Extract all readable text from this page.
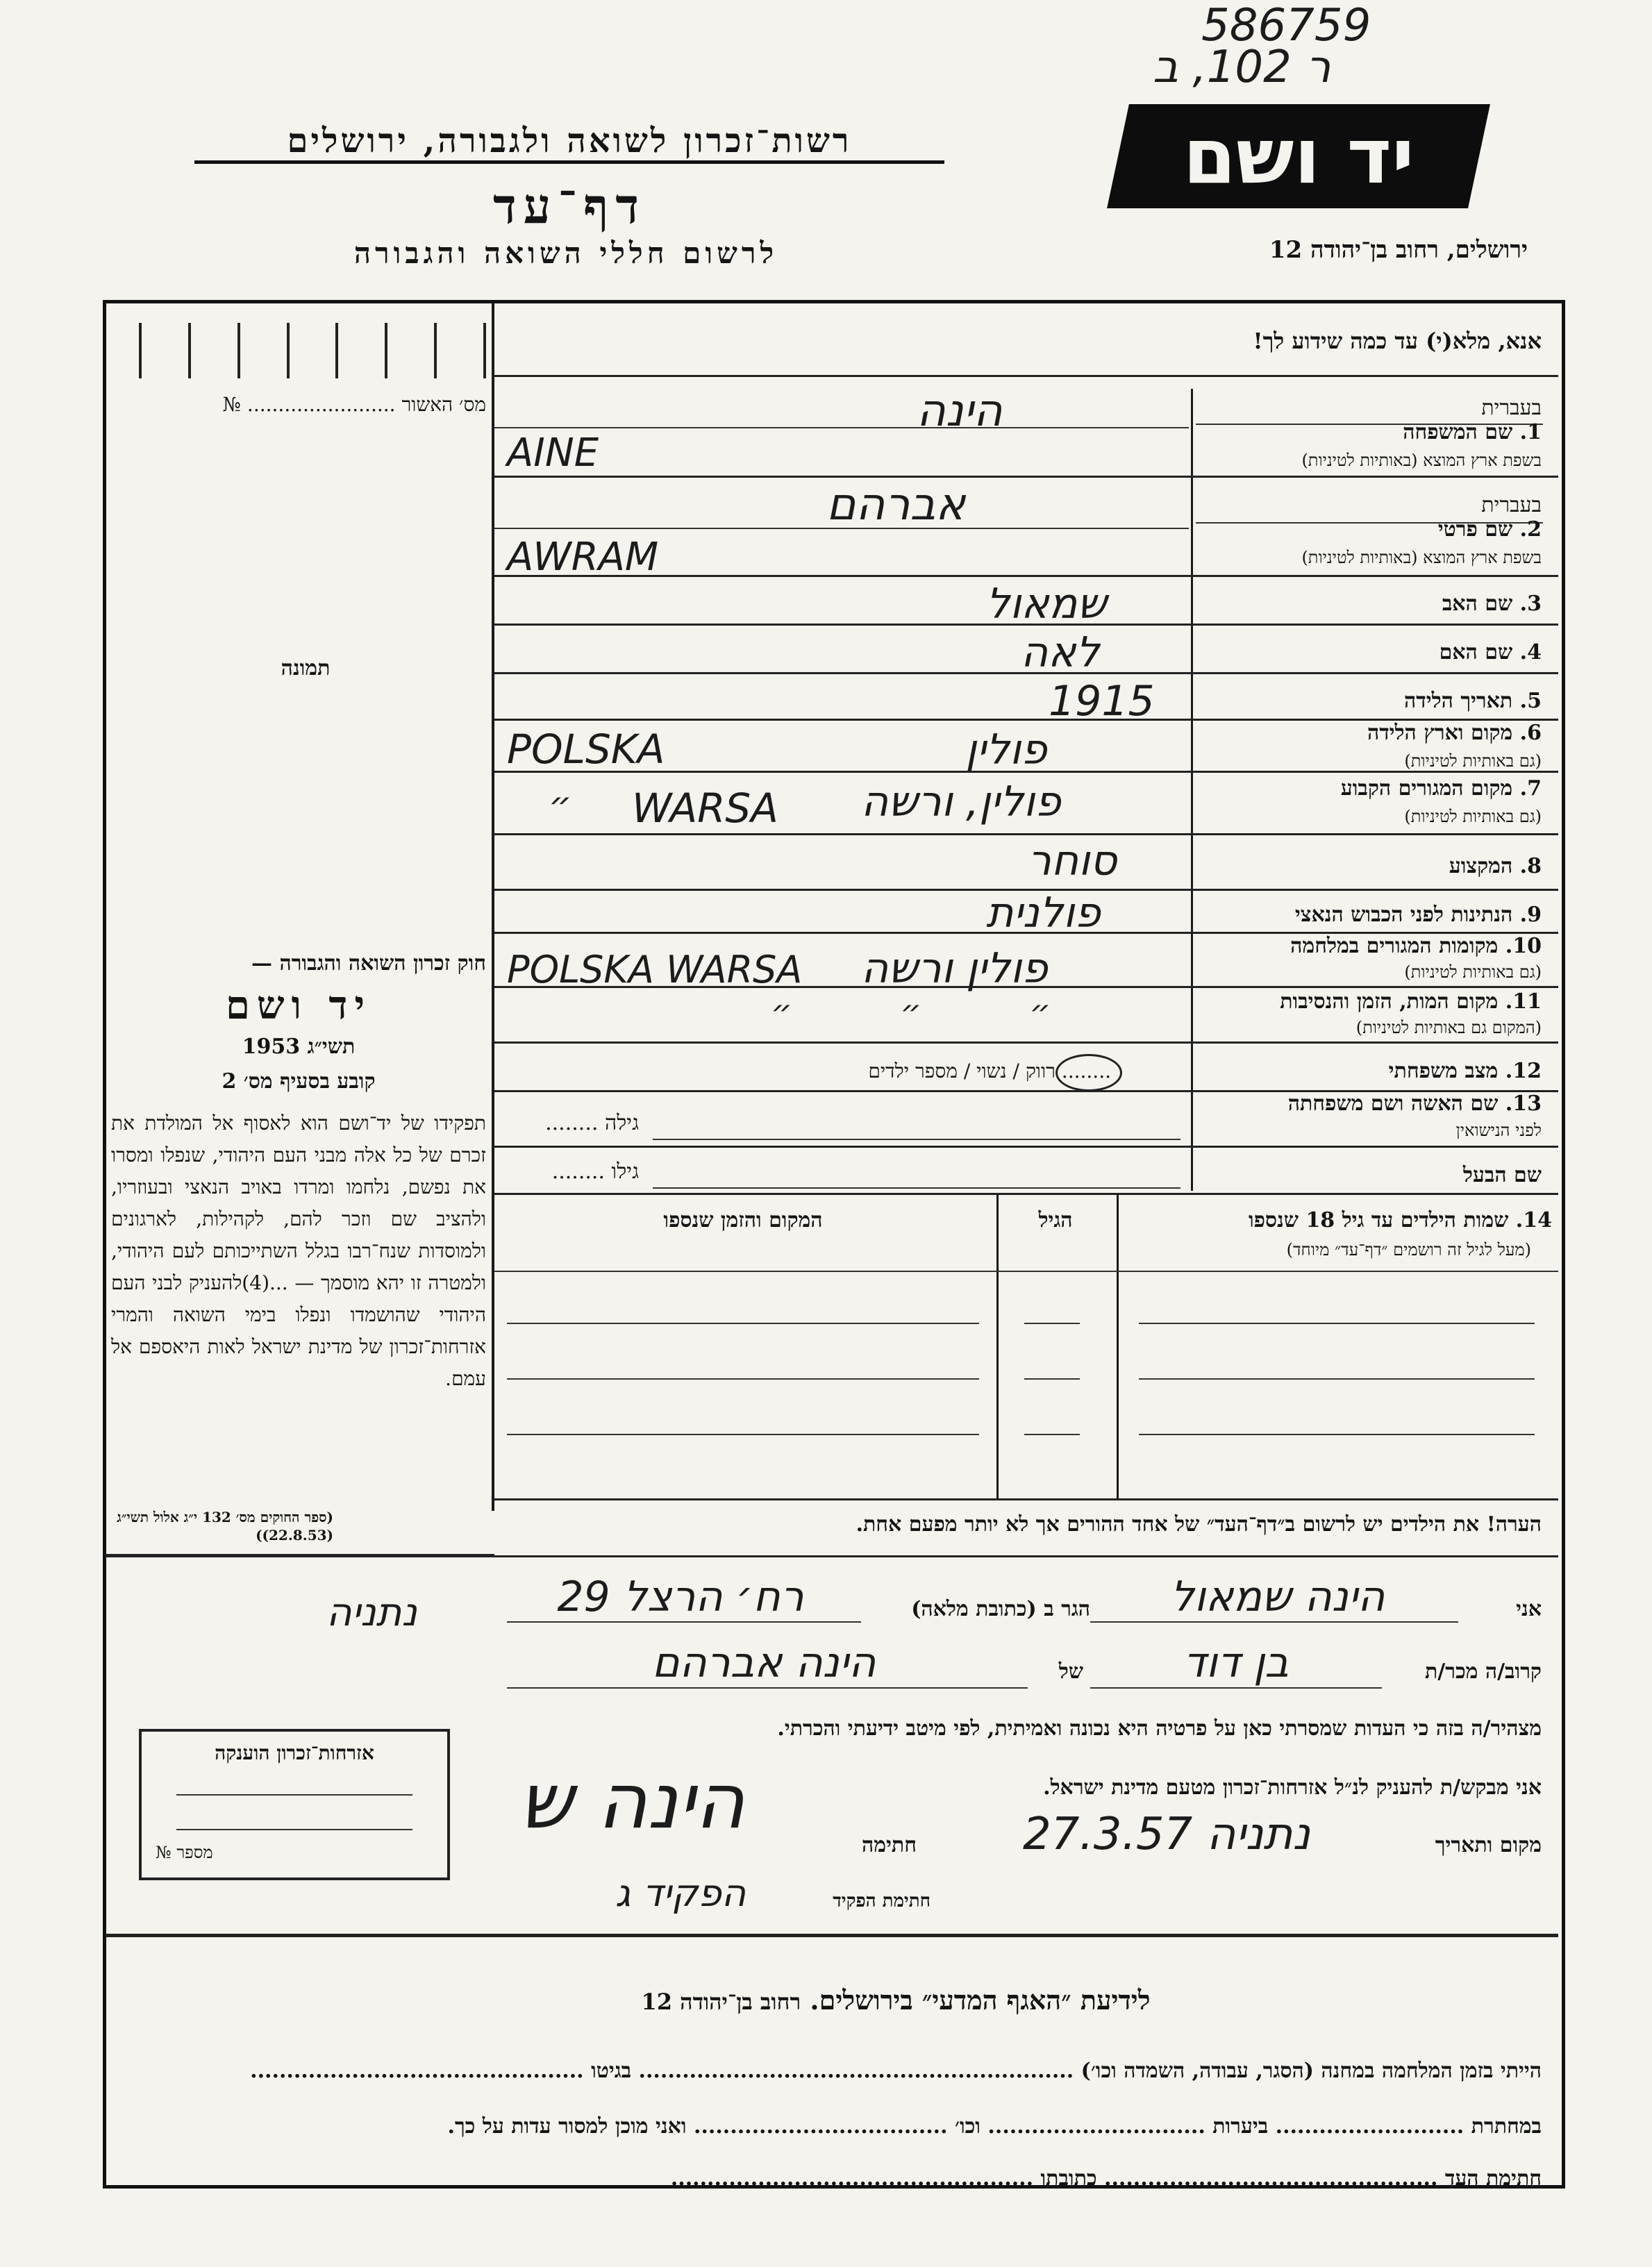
586759
ר 102, ב
רשות־זכרון לשואה ולגבורה, ירושלים
דף־עד
לרשום חללי השואה והגבורה
יד ושם
ירושלים, רחוב בן־יהודה 12
מס׳ האשור ........................ №
תמונה
אנא, מלא(י) עד כמה שידוע לך!
בעברית
1. שם המשפחה
בשפת ארץ המוצא (באותיות לטיניות)
הינה
AINE
בעברית
2. שם פרטי
בשפת ארץ המוצא (באותיות לטיניות)
אברהם
AWRAM
3. שם האב
שמאול
4. שם האם
לאה
5. תאריך הלידה
1915
6. מקום וארץ הלידה
(גם באותיות לטיניות)
פולין
POLSKA
7. מקום המגורים הקבוע
(גם באותיות לטיניות)
פולין, ורשה
WARSA
״
8. המקצוע
סוחר
9. הנתינות לפני הכבוש הנאצי
פולנית
10. מקומות המגורים במלחמה
(גם באותיות לטיניות)
פולין ורשה
POLSKA WARSA
11. מקום המות, הזמן והנסיבות
(המקום גם באותיות לטיניות)
״ ״ ״
12. מצב משפחתי
........ רווק / נשוי / מספר ילדים
13. שם האשה ושם משפחתה
לפני הנישואין
גילה ........
שם הבעל
גילו ........
14. שמות הילדים עד גיל 18 שנספו
(מעל לגיל זה רושמים ״דף־עד״ מיוחד)
הגיל
המקום והזמן שנספו
הערה! את הילדים יש לרשום ב״דף־העד״ של אחד ההורים אך לא יותר מפעם אחת.
חוק זכרון השואה והגבורה —
יד ושם
תשי״ג 1953
קובע בסעיף מס׳ 2
תפקידו של יד־ושם הוא לאסוף אל המולדת את זכרם של כל אלה מבני העם היהודי, שנפלו ומסרו את נפשם, נלחמו ומרדו באויב הנאצי ובעוזריו, ולהציב שם וזכר להם, לקהילות, לארגונים ולמוסדות שנח־רבו בגלל השתייכותם לעם היהודי, ולמטרה זו יהא מוסמך — ...(4)להעניק לבני העם היהודי שהושמדו ונפלו בימי השואה והמרי אזרחות־זכרון של מדינת ישראל לאות היאספם אל עמם.
(ספר החוקים מס׳ 132 י״ג אלול תשי״ג (22.8.53))
אני
הינה שמאול
הגר ב (כתובת מלאה)
רח׳ הרצל 29
נתניה
קרוב/ה מכר/ת
בן דוד
של
הינה אברהם
מצהיר/ה בזה כי העדות שמסרתי כאן על פרטיה היא נכונה ואמיתית, לפי מיטב ידיעתי והכרתי.
אני מבקש/ת להעניק לנ״ל אזרחות־זכרון מטעם מדינת ישראל.
מקום ותאריך
נתניה 27.3.57
חתימה
הינה ש
חתימת הפקיד
הפקיד ג
אזרחות־זכרון הוענקה
מספר №
לידיעת ״האגף המדעי״ בירושלים. רחוב בן־יהודה 12
הייתי בזמן המלחמה במחנה (הסגר, עבודה, השמדה וכו׳) ............................................................ בגיטו ..............................................
במחתרת .......................... ביערות .............................. וכו׳ ................................... ואני מוכן למסור עדות על כך.
חתימת העד .............................................. כתובתו ..................................................
